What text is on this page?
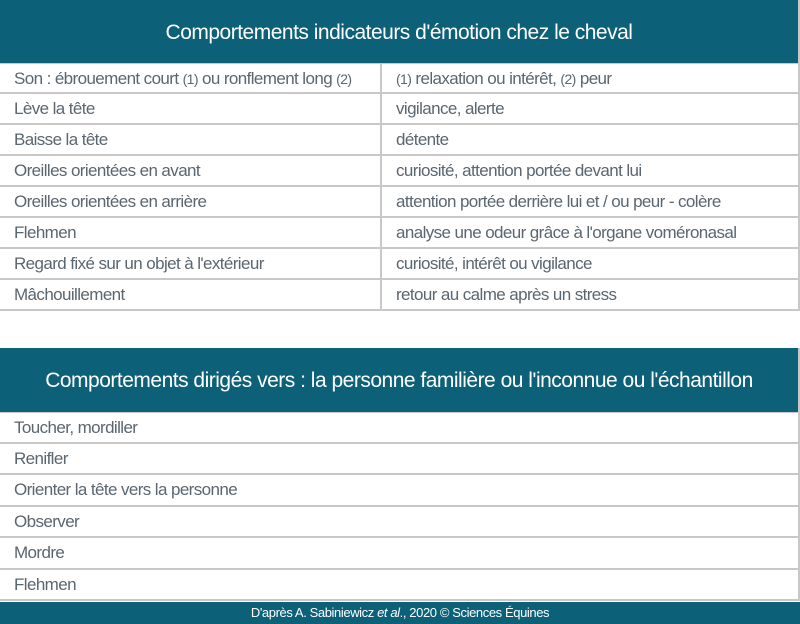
Comportements indicateurs d'émotion chez le cheval
Son : ébrouement court (1) ou ronflement long (2)	(1) relaxation ou intérêt, (2) peur
Lève la tête	vigilance, alerte
Baisse la tête	détente
Oreilles orientées en avant	curiosité, attention portée devant lui
Oreilles orientées en arrière	attention portée derrière lui et / ou peur - colère
Flehmen	analyse une odeur grâce à l'organe voméronasal
Regard fixé sur un objet à l'extérieur	curiosité, intérêt ou vigilance
Mâchouillement	retour au calme après un stress
Comportements dirigés vers : la personne familière ou l'inconnue ou l'échantillon
Toucher, mordiller
Renifler
Orienter la tête vers la personne
Observer
Mordre
Flehmen
D'après A. Sabiniewicz et al., 2020 © Sciences Équines
